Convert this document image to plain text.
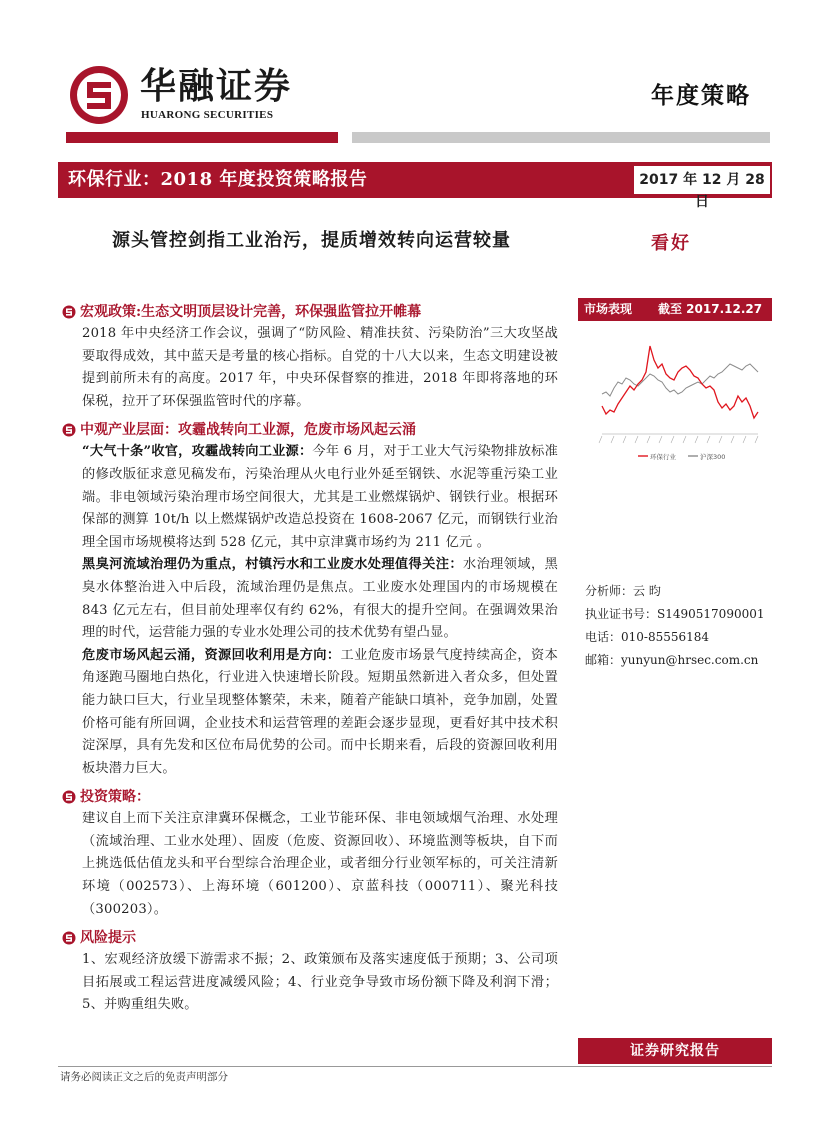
华融证券
HUARONG SECURITIES
年度策略
环保行业：2018 年度投资策略报告	2017 年 12 月 28 日
源头管控剑指工业治污，提质增效转向运营较量	看好
宏观政策:生态文明顶层设计完善，环保强监管拉开帷幕
2018 年中央经济工作会议，强调了“防风险、精准扶贫、污染防治”三大攻坚战要取得成效，其中蓝天是考量的核心指标。自党的十八大以来，生态文明建设被提到前所未有的高度。2017 年，中央环保督察的推进，2018 年即将落地的环保税，拉开了环保强监管时代的序幕。
中观产业层面：攻霾战转向工业源，危废市场风起云涌
“大气十条”收官，攻霾战转向工业源：今年 6 月，对于工业大气污染物排放标准的修改版征求意见稿发布，污染治理从火电行业外延至钢铁、水泥等重污染工业端。非电领域污染治理市场空间很大，尤其是工业燃煤锅炉、钢铁行业。根据环保部的测算 10t/h 以上燃煤锅炉改造总投资在 1608-2067 亿元，而钢铁行业治理全国市场规模将达到 528 亿元，其中京津冀市场约为 211 亿元 。
黑臭河流域治理仍为重点，村镇污水和工业废水处理值得关注：水治理领域，黑臭水体整治进入中后段，流域治理仍是焦点。工业废水处理国内的市场规模在 843 亿元左右，但目前处理率仅有约 62%，有很大的提升空间。在强调效果治理的时代，运营能力强的专业水处理公司的技术优势有望凸显。
危废市场风起云涌，资源回收利用是方向：工业危废市场景气度持续高企，资本角逐跑马圈地白热化，行业进入快速增长阶段。短期虽然新进入者众多，但处置能力缺口巨大，行业呈现整体繁荣，未来，随着产能缺口填补，竞争加剧，处置价格可能有所回调，企业技术和运营管理的差距会逐步显现，更看好其中技术积淀深厚，具有先发和区位布局优势的公司。而中长期来看，后段的资源回收利用板块潜力巨大。
投资策略：
建议自上而下关注京津冀环保概念，工业节能环保、非电领域烟气治理、水处理（流域治理、工业水处理）、固废（危废、资源回收）、环境监测等板块，自下而上挑选低估值龙头和平台型综合治理企业，或者细分行业领军标的，可关注清新环境（002573）、上海环境（601200）、京蓝科技（000711）、聚光科技（300203）。
风险提示
1、宏观经济放缓下游需求不振；2、政策颁布及落实速度低于预期；3、公司项目拓展或工程运营进度减缓风险；4、行业竞争导致市场份额下降及利润下滑；5、并购重组失败。
市场表现 截至 2017.12.27
环保行业	沪深300
分析师：云 昀
执业证书号：S1490517090001
电话：010-85556184
邮箱：yunyun@hrsec.com.cn
证券研究报告
请务必阅读正文之后的免责声明部分
